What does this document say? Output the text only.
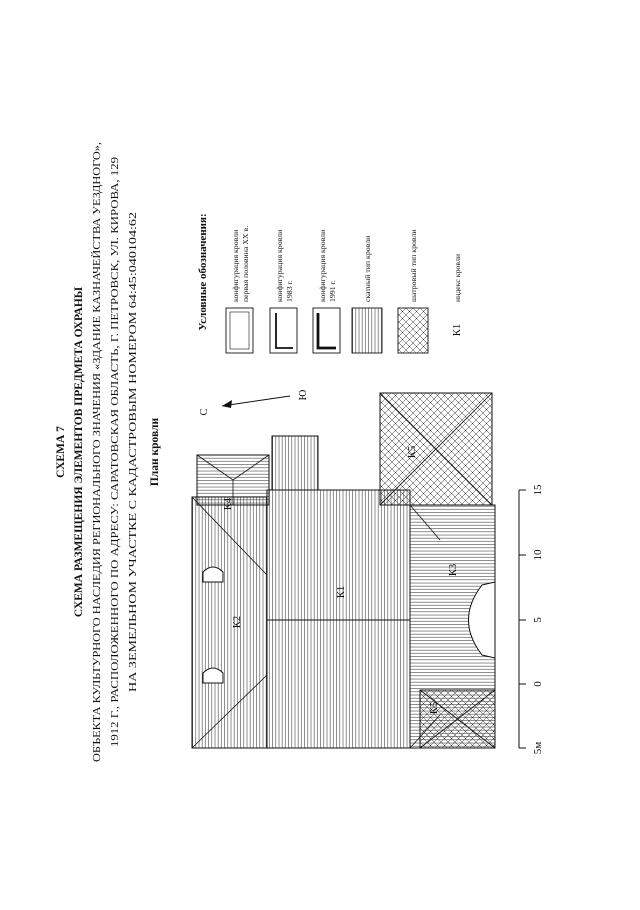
СХЕМА 7 СХЕМА РАЗМЕЩЕНИЯ ЭЛЕМЕНТОВ ПРЕДМЕТА ОХРАНЫ ОБЪЕКТА КУЛЬТУРНОГО НАСЛЕДИЯ РЕГИОНАЛЬНОГО ЗНАЧЕНИЯ «ЗДАНИЕ КАЗНАЧЕЙСТВА УЕЗДНОГО», 1912 Г., РАСПОЛОЖЕННОГО ПО АДРЕСУ: САРАТОВСКАЯ ОБЛАСТЬ, Г. ПЕТРОВСК, УЛ. КИРОВА, 129 НА ЗЕМЕЛЬНОМ УЧАСТКЕ С КАДАСТРОВЫМ НОМЕРОМ 64:45:040104:62 План кровли
С
Ю
К1
К2
К3
К4
К5
К5
5м
0
5
10
15
Условные обозначения:	конфигурация кровли первая половина XX в.	конфигурация кровли 1983 г.	конфигурация кровли 1991 г.	скатный тип кровли	шатровый тип кровли
К1
индекс кровли
